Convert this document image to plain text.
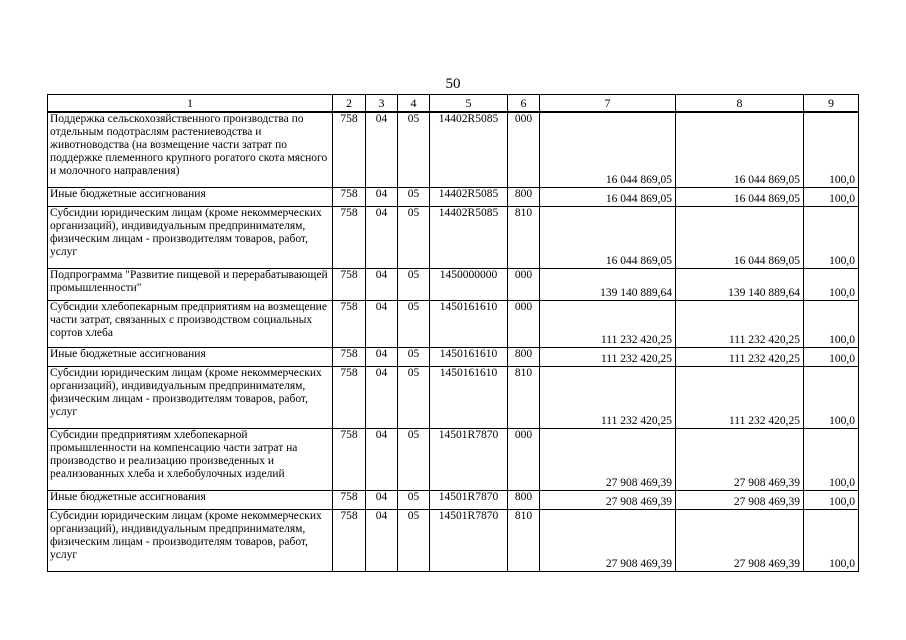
50
1	2	3	4	5	6	7	8	9
Поддержка сельскохозяйственного производства по отдельным подотраслям растениеводства и животноводства (на возмещение части затрат по поддержке племенного крупного рогатого скота мясного и молочного направления)	758	04	05	14402R5085	000	16 044 869,05	16 044 869,05	100,0
Иные бюджетные ассигнования	758	04	05	14402R5085	800	16 044 869,05	16 044 869,05	100,0
Субсидии юридическим лицам (кроме некоммерческих организаций), индивидуальным предпринимателям, физическим лицам - производителям товаров, работ, услуг	758	04	05	14402R5085	810	16 044 869,05	16 044 869,05	100,0
Подпрограмма "Развитие пищевой и перерабатывающей промышленности"	758	04	05	1450000000	000	139 140 889,64	139 140 889,64	100,0
Субсидии хлебопекарным предприятиям на возмещение части затрат, связанных с производством социальных сортов хлеба	758	04	05	1450161610	000	111 232 420,25	111 232 420,25	100,0
Иные бюджетные ассигнования	758	04	05	1450161610	800	111 232 420,25	111 232 420,25	100,0
Субсидии юридическим лицам (кроме некоммерческих организаций), индивидуальным предпринимателям, физическим лицам - производителям товаров, работ, услуг	758	04	05	1450161610	810	111 232 420,25	111 232 420,25	100,0
Субсидии предприятиям хлебопекарной промышленности на компенсацию части затрат на производство и реализацию произведенных и реализованных хлеба и хлебобулочных изделий	758	04	05	14501R7870	000	27 908 469,39	27 908 469,39	100,0
Иные бюджетные ассигнования	758	04	05	14501R7870	800	27 908 469,39	27 908 469,39	100,0
Субсидии юридическим лицам (кроме некоммерческих организаций), индивидуальным предпринимателям, физическим лицам - производителям товаров, работ, услуг	758	04	05	14501R7870	810	27 908 469,39	27 908 469,39	100,0
